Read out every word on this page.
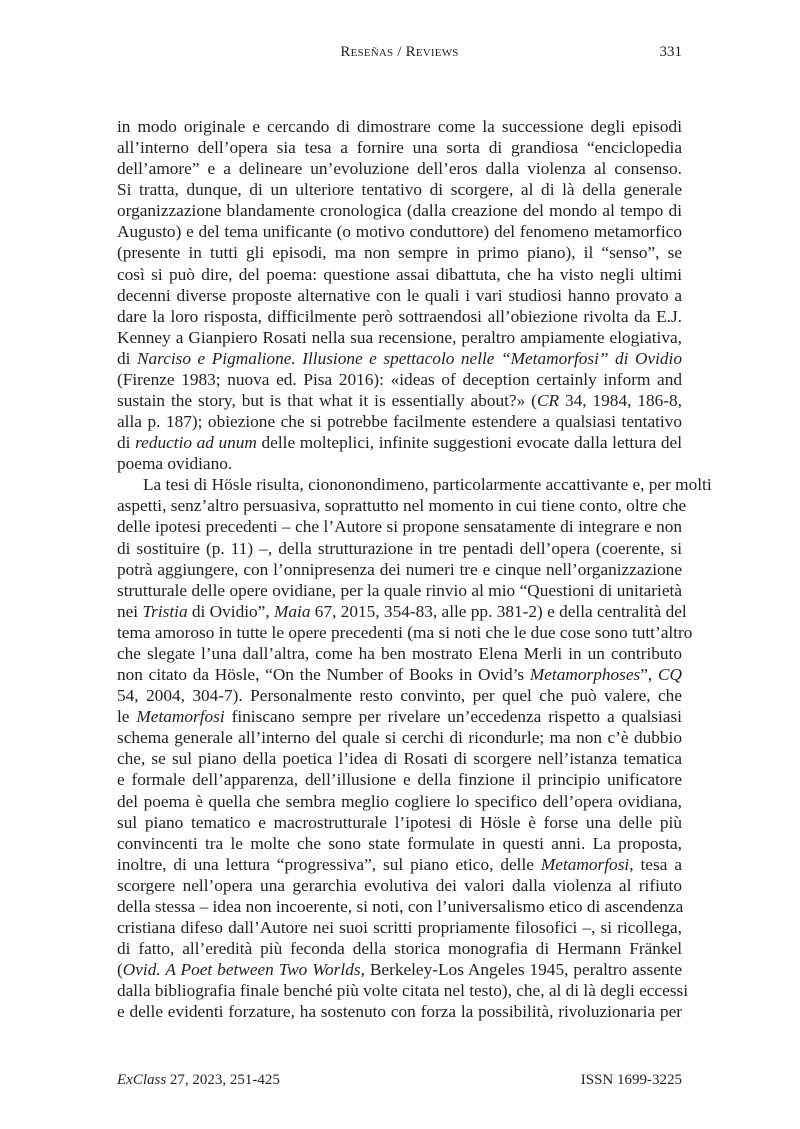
Reseñas / Reviews	331

in modo originale e cercando di dimostrare come la successione degli episodi
all’interno dell’opera sia tesa a fornire una sorta di grandiosa “enciclopedia
dell’amore” e a delineare un’evoluzione dell’eros dalla violenza al consenso.
Si tratta, dunque, di un ulteriore tentativo di scorgere, al di là della generale
organizzazione blandamente cronologica (dalla creazione del mondo al tempo di
Augusto) e del tema unificante (o motivo conduttore) del fenomeno metamorfico
(presente in tutti gli episodi, ma non sempre in primo piano), il “senso”, se
così si può dire, del poema: questione assai dibattuta, che ha visto negli ultimi
decenni diverse proposte alternative con le quali i vari studiosi hanno provato a
dare la loro risposta, difficilmente però sottraendosi all’obiezione rivolta da E.J.
Kenney a Gianpiero Rosati nella sua recensione, peraltro ampiamente elogiativa,
di Narciso e Pigmalione. Illusione e spettacolo nelle “Metamorfosi” di Ovidio
(Firenze 1983; nuova ed. Pisa 2016): «ideas of deception certainly inform and
sustain the story, but is that what it is essentially about?» (CR 34, 1984, 186-8,
alla p. 187); obiezione che si potrebbe facilmente estendere a qualsiasi tentativo
di reductio ad unum delle molteplici, infinite suggestioni evocate dalla lettura del
poema ovidiano.

La tesi di Hösle risulta, ciononondimeno, particolarmente accattivante e, per molti
aspetti, senz’altro persuasiva, soprattutto nel momento in cui tiene conto, oltre che
delle ipotesi precedenti – che l’Autore si propone sensatamente di integrare e non
di sostituire (p. 11) –, della strutturazione in tre pentadi dell’opera (coerente, si
potrà aggiungere, con l’onnipresenza dei numeri tre e cinque nell’organizzazione
strutturale delle opere ovidiane, per la quale rinvio al mio “Questioni di unitarietà
nei Tristia di Ovidio”, Maia 67, 2015, 354-83, alle pp. 381-2) e della centralità del
tema amoroso in tutte le opere precedenti (ma si noti che le due cose sono tutt’altro
che slegate l’una dall’altra, come ha ben mostrato Elena Merli in un contributo
non citato da Hösle, “On the Number of Books in Ovid’s Metamorphoses”, CQ
54, 2004, 304-7). Personalmente resto convinto, per quel che può valere, che
le Metamorfosi finiscano sempre per rivelare un’eccedenza rispetto a qualsiasi
schema generale all’interno del quale si cerchi di ricondurle; ma non c’è dubbio
che, se sul piano della poetica l’idea di Rosati di scorgere nell’istanza tematica
e formale dell’apparenza, dell’illusione e della finzione il principio unificatore
del poema è quella che sembra meglio cogliere lo specifico dell’opera ovidiana,
sul piano tematico e macrostrutturale l’ipotesi di Hösle è forse una delle più
convincenti tra le molte che sono state formulate in questi anni. La proposta,
inoltre, di una lettura “progressiva”, sul piano etico, delle Metamorfosi, tesa a
scorgere nell’opera una gerarchia evolutiva dei valori dalla violenza al rifiuto
della stessa – idea non incoerente, si noti, con l’universalismo etico di ascendenza
cristiana difeso dall’Autore nei suoi scritti propriamente filosofici –, si ricollega,
di fatto, all’eredità più feconda della storica monografia di Hermann Fränkel
(Ovid. A Poet between Two Worlds, Berkeley-Los Angeles 1945, peraltro assente
dalla bibliografia finale benché più volte citata nel testo), che, al di là degli eccessi
e delle evidenti forzature, ha sostenuto con forza la possibilità, rivoluzionaria per

ExClass 27, 2023, 251-425	ISSN 1699-3225
